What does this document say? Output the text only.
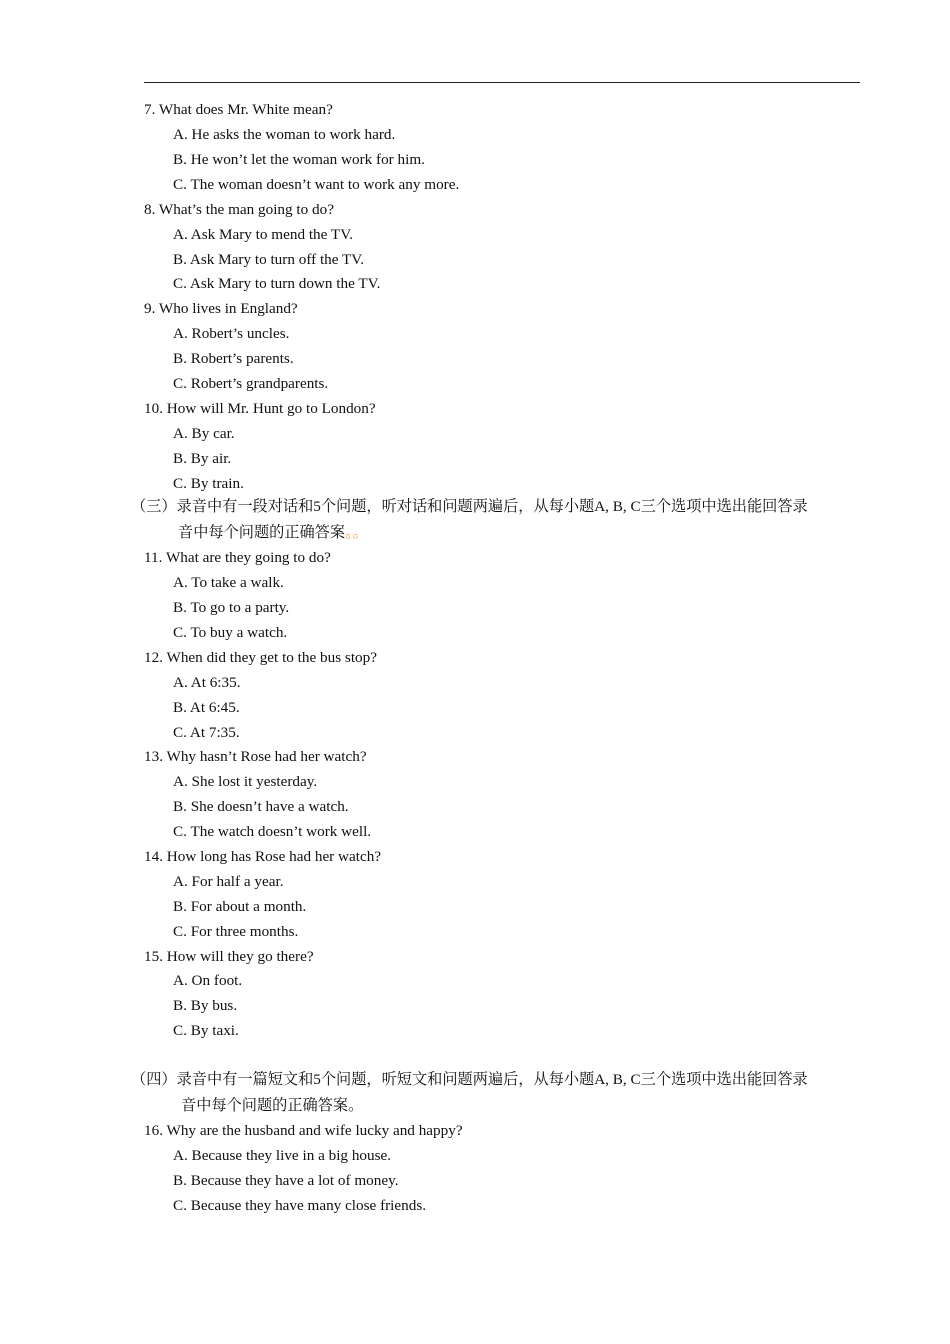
7. What does Mr. White mean?
A. He asks the woman to work hard.
B. He won’t let the woman work for him.
C. The woman doesn’t want to work any more.
8. What’s the man going to do?
A. Ask Mary to mend the TV.
B. Ask Mary to turn off the TV.
C. Ask Mary to turn down the TV.
9. Who lives in England?
A. Robert’s uncles.
B. Robert’s parents.
C. Robert’s grandparents.
10. How will Mr. Hunt go to London?
A. By car.
B. By air.
C. By train.
（三）录音中有一段对话和5个问题，听对话和问题两遍后，从每小题A, B, C三个选项中选出能回答录
音中每个问题的正确答案。。
11. What are they going to do?
A. To take a walk.
B. To go to a party.
C. To buy a watch.
12. When did they get to the bus stop?
A. At 6:35.
B. At 6:45.
C. At 7:35.
13. Why hasn’t Rose had her watch?
A. She lost it yesterday.
B. She doesn’t have a watch.
C. The watch doesn’t work well.
14. How long has Rose had her watch?
A. For half a year.
B. For about a month.
C. For three months.
15. How will they go there?
A. On foot.
B. By bus.
C. By taxi.
（四）录音中有一篇短文和5个问题，听短文和问题两遍后，从每小题A, B, C三个选项中选出能回答录
音中每个问题的正确答案。
16. Why are the husband and wife lucky and happy?
A. Because they live in a big house.
B. Because they have a lot of money.
C. Because they have many close friends.
